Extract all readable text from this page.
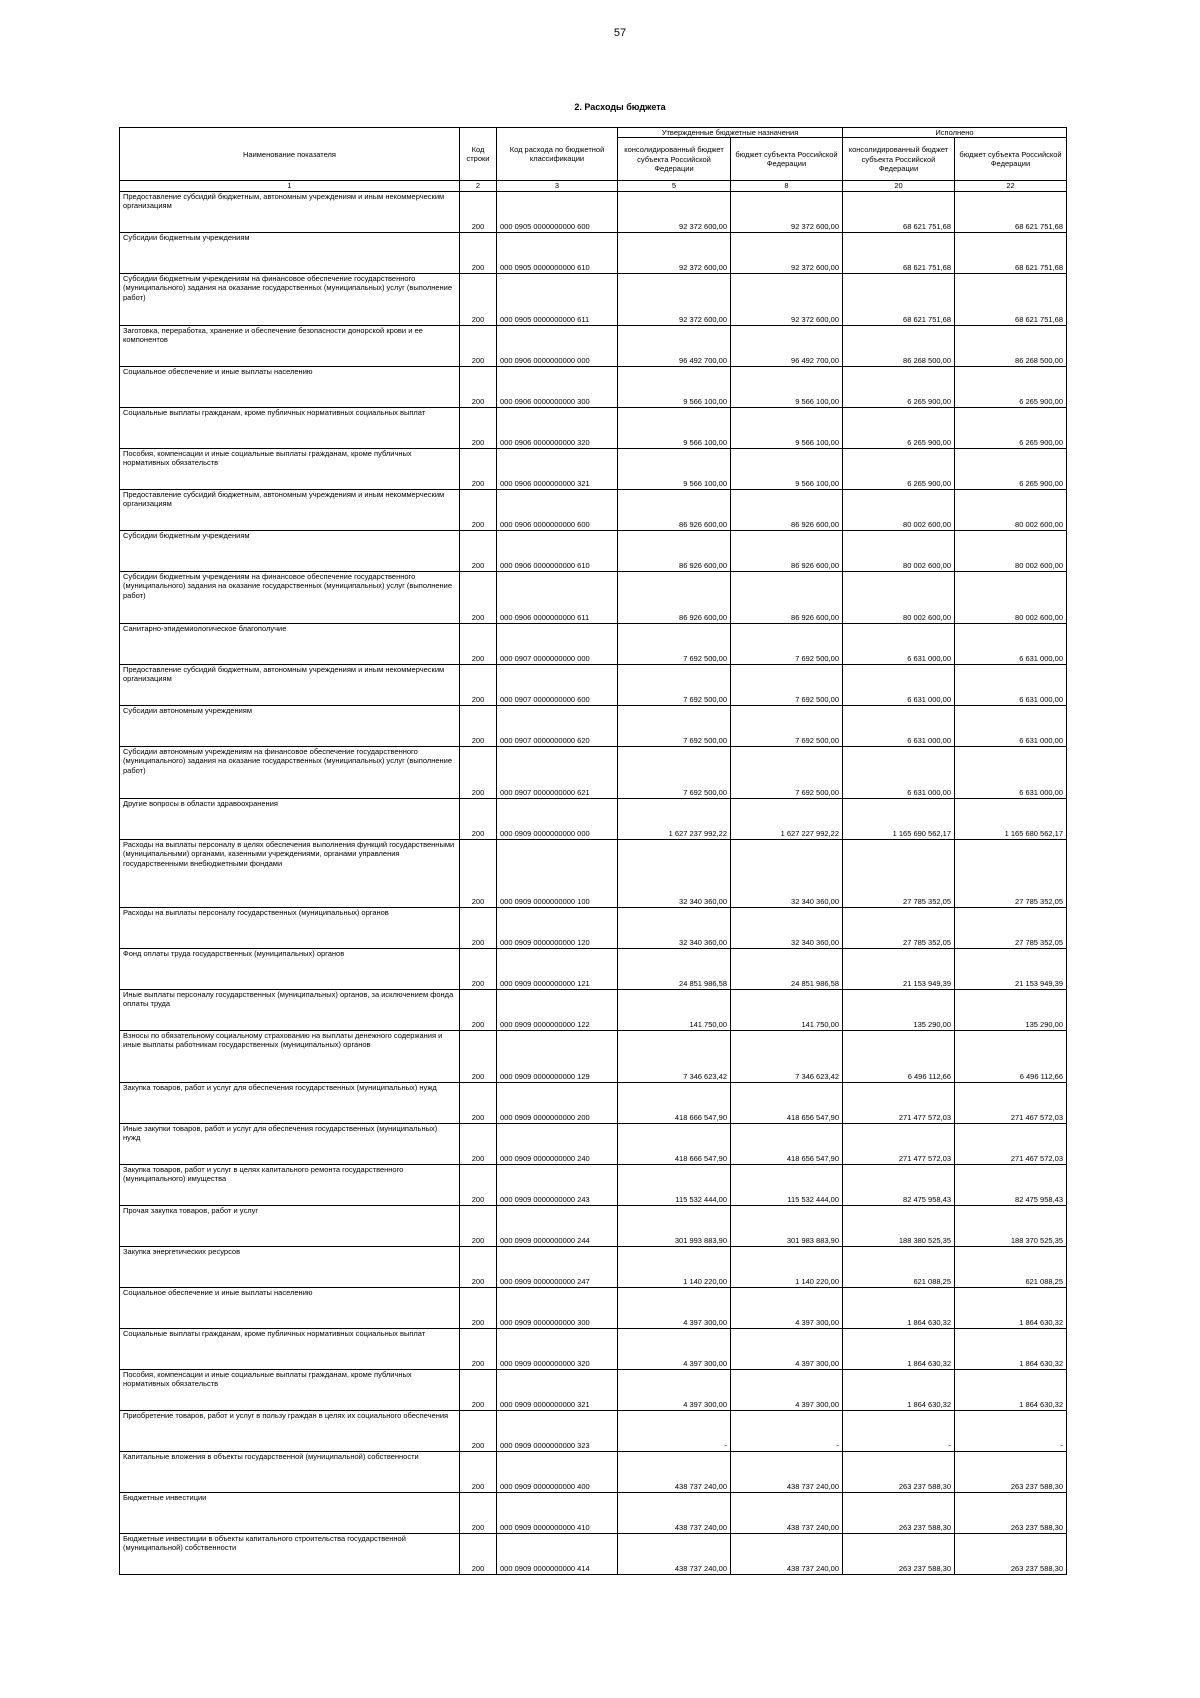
57
2. Расходы бюджета
Наименование показателя	Код строки	Код расхода по бюджетной классификации	Утвержденные бюджетные назначения		Исполнено	
			консолидированный бюджет субъекта Российской Федерации	бюджет субъекта Российской Федерации	консолидированный бюджет субъекта Российской Федерации	бюджет субъекта Российской Федерации
1	2	3	5	8	20	22
Предоставление субсидий бюджетным, автономным учреждениям и иным некоммерческим организациям	200	000 0905 0000000000 600	92 372 600,00	92 372 600,00	68 621 751,68	68 621 751,68
Субсидии бюджетным учреждениям	200	000 0905 0000000000 610	92 372 600,00	92 372 600,00	68 621 751,68	68 621 751,68
Субсидии бюджетным учреждениям на финансовое обеспечение государственного (муниципального) задания на оказание государственных (муниципальных) услуг (выполнение работ)	200	000 0905 0000000000 611	92 372 600,00	92 372 600,00	68 621 751,68	68 621 751,68
Заготовка, переработка, хранение и обеспечение безопасности донорской крови и ее компонентов	200	000 0906 0000000000 000	96 492 700,00	96 492 700,00	86 268 500,00	86 268 500,00
Социальное обеспечение и иные выплаты населению	200	000 0906 0000000000 300	9 566 100,00	9 566 100,00	6 265 900,00	6 265 900,00
Социальные выплаты гражданам, кроме публичных нормативных социальных выплат	200	000 0906 0000000000 320	9 566 100,00	9 566 100,00	6 265 900,00	6 265 900,00
Пособия, компенсации и иные социальные выплаты гражданам, кроме публичных нормативных обязательств	200	000 0906 0000000000 321	9 566 100,00	9 566 100,00	6 265 900,00	6 265 900,00
Предоставление субсидий бюджетным, автономным учреждениям и иным некоммерческим организациям	200	000 0906 0000000000 600	86 926 600,00	86 926 600,00	80 002 600,00	80 002 600,00
Субсидии бюджетным учреждениям	200	000 0906 0000000000 610	86 926 600,00	86 926 600,00	80 002 600,00	80 002 600,00
Субсидии бюджетным учреждениям на финансовое обеспечение государственного (муниципального) задания на оказание государственных (муниципальных) услуг (выполнение работ)	200	000 0906 0000000000 611	86 926 600,00	86 926 600,00	80 002 600,00	80 002 600,00
Санитарно-эпидемиологическое благополучие	200	000 0907 0000000000 000	7 692 500,00	7 692 500,00	6 631 000,00	6 631 000,00
Предоставление субсидий бюджетным, автономным учреждениям и иным некоммерческим организациям	200	000 0907 0000000000 600	7 692 500,00	7 692 500,00	6 631 000,00	6 631 000,00
Субсидии автономным учреждениям	200	000 0907 0000000000 620	7 692 500,00	7 692 500,00	6 631 000,00	6 631 000,00
Субсидии автономным учреждениям на финансовое обеспечение государственного (муниципального) задания на оказание государственных (муниципальных) услуг (выполнение работ)	200	000 0907 0000000000 621	7 692 500,00	7 692 500,00	6 631 000,00	6 631 000,00
Другие вопросы в области здравоохранения	200	000 0909 0000000000 000	1 627 237 992,22	1 627 227 992,22	1 165 690 562,17	1 165 680 562,17
Расходы на выплаты персоналу в целях обеспечения выполнения функций государственными (муниципальными) органами, казенными учреждениями, органами управления государственными внебюджетными фондами	200	000 0909 0000000000 100	32 340 360,00	32 340 360,00	27 785 352,05	27 785 352,05
Расходы на выплаты персоналу государственных (муниципальных) органов	200	000 0909 0000000000 120	32 340 360,00	32 340 360,00	27 785 352,05	27 785 352,05
Фонд оплаты труда государственных (муниципальных) органов	200	000 0909 0000000000 121	24 851 986,58	24 851 986,58	21 153 949,39	21 153 949,39
Иные выплаты персоналу государственных (муниципальных) органов, за исключением фонда оплаты труда	200	000 0909 0000000000 122	141 750,00	141 750,00	135 290,00	135 290,00
Взносы по обязательному социальному страхованию на выплаты денежного содержания и иные выплаты работникам государственных (муниципальных) органов	200	000 0909 0000000000 129	7 346 623,42	7 346 623,42	6 496 112,66	6 496 112,66
Закупка товаров, работ и услуг для обеспечения государственных (муниципальных) нужд	200	000 0909 0000000000 200	418 666 547,90	418 656 547,90	271 477 572,03	271 467 572,03
Иные закупки товаров, работ и услуг для обеспечения государственных (муниципальных) нужд	200	000 0909 0000000000 240	418 666 547,90	418 656 547,90	271 477 572,03	271 467 572,03
Закупка товаров, работ и услуг в целях капитального ремонта государственного (муниципального) имущества	200	000 0909 0000000000 243	115 532 444,00	115 532 444,00	82 475 958,43	82 475 958,43
Прочая закупка товаров, работ и услуг	200	000 0909 0000000000 244	301 993 883,90	301 983 883,90	188 380 525,35	188 370 525,35
Закупка энергетических ресурсов	200	000 0909 0000000000 247	1 140 220,00	1 140 220,00	621 088,25	621 088,25
Социальное обеспечение и иные выплаты населению	200	000 0909 0000000000 300	4 397 300,00	4 397 300,00	1 864 630,32	1 864 630,32
Социальные выплаты гражданам, кроме публичных нормативных социальных выплат	200	000 0909 0000000000 320	4 397 300,00	4 397 300,00	1 864 630,32	1 864 630,32
Пособия, компенсации и иные социальные выплаты гражданам, кроме публичных нормативных обязательств	200	000 0909 0000000000 321	4 397 300,00	4 397 300,00	1 864 630,32	1 864 630,32
Приобретение товаров, работ и услуг в пользу граждан в целях их социального обеспечения	200	000 0909 0000000000 323	-	-	-	-
Капитальные вложения в объекты государственной (муниципальной) собственности	200	000 0909 0000000000 400	438 737 240,00	438 737 240,00	263 237 588,30	263 237 588,30
Бюджетные инвестиции	200	000 0909 0000000000 410	438 737 240,00	438 737 240,00	263 237 588,30	263 237 588,30
Бюджетные инвестиции в объекты капитального строительства государственной (муниципальной) собственности	200	000 0909 0000000000 414	438 737 240,00	438 737 240,00	263 237 588,30	263 237 588,30
